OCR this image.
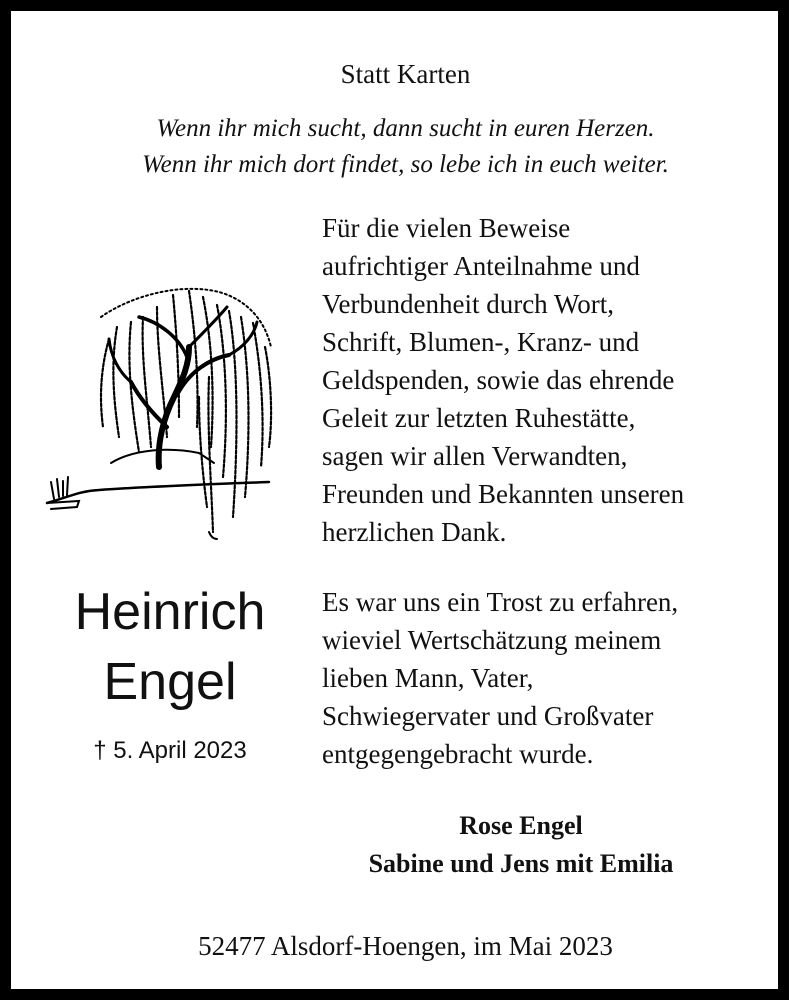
Statt Karten
Wenn ihr mich sucht, dann sucht in euren Herzen.
Wenn ihr mich dort findet, so lebe ich in euch weiter.
Heinrich
Engel
† 5. April 2023
Für die vielen Beweise
aufrichtiger Anteilnahme und
Verbundenheit durch Wort,
Schrift, Blumen-, Kranz- und
Geldspenden, sowie das ehrende
Geleit zur letzten Ruhestätte,
sagen wir allen Verwandten,
Freunden und Bekannten unseren
herzlichen Dank.
Es war uns ein Trost zu erfahren,
wieviel Wertschätzung meinem
lieben Mann, Vater,
Schwiegervater und Großvater
entgegengebracht wurde.
Rose Engel
Sabine und Jens mit Emilia
52477 Alsdorf-Hoengen, im Mai 2023
